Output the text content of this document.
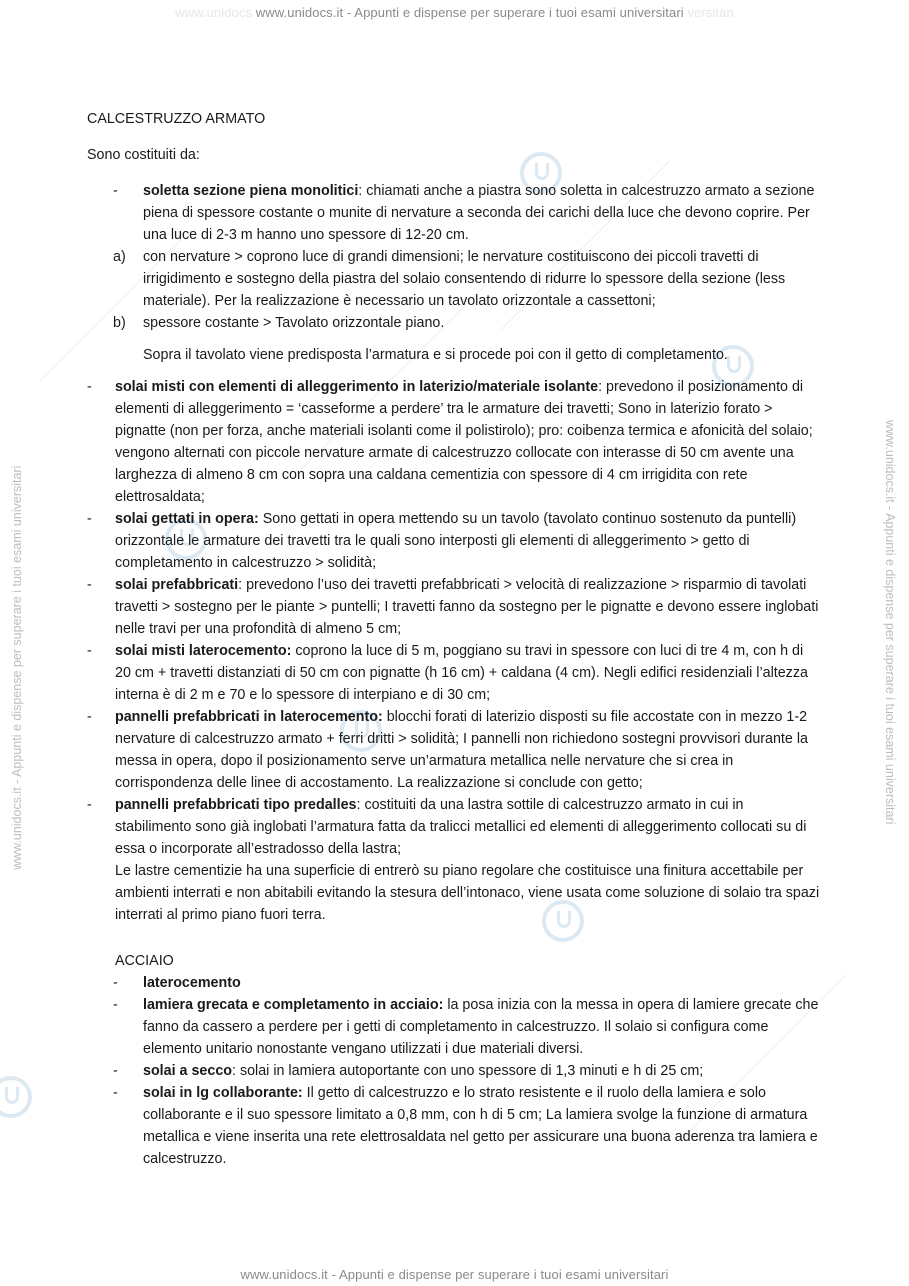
www.unidocs www.unidocs.it - Appunti e dispense per superare i tuoi esami universitari versitari
www.unidocs.it - Appunti e dispense per superare i tuoi esami universitari
www.unidocs.it - Appunti e dispense per superare i tuoi esami universitari	www.unidocs.it - Appunti e dispense per superare i tuoi esami universitari

CALCESTRUZZO ARMATO

Sono costituiti da:

- soletta sezione piena monolitici: chiamati anche a piastra sono soletta in calcestruzzo armato a sezione piena di spessore costante o munite di nervature a seconda dei carichi della luce che devono coprire. Per una luce di 2-3 m hanno uno spessore di 12-20 cm.
a) con nervature > coprono luce di grandi dimensioni; le nervature costituiscono dei piccoli travetti di irrigidimento e sostegno della piastra del solaio consentendo di ridurre lo spessore della sezione (less materiale). Per la realizzazione è necessario un tavolato orizzontale a cassettoni;
b) spessore costante > Tavolato orizzontale piano.

Sopra il tavolato viene predisposta l’armatura e si procede poi con il getto di completamento.

- solai misti con elementi di alleggerimento in laterizio/materiale isolante: prevedono il posizionamento di elementi di alleggerimento = ‘casseforme a perdere’ tra le armature dei travetti; Sono in laterizio forato > pignatte (non per forza, anche materiali isolanti come il polistirolo); pro: coibenza termica e afonicità del solaio; vengono alternati con piccole nervature armate di calcestruzzo collocate con interasse di 50 cm avente una larghezza di almeno 8 cm con sopra una caldana cementizia con spessore di 4 cm irrigidita con rete elettrosaldata;
- solai gettati in opera: Sono gettati in opera mettendo su un tavolo (tavolato continuo sostenuto da puntelli) orizzontale le armature dei travetti tra le quali sono interposti gli elementi di alleggerimento > getto di completamento in calcestruzzo > solidità;
- solai prefabbricati: prevedono l’uso dei travetti prefabbricati > velocità di realizzazione > risparmio di tavolati travetti > sostegno per le piante > puntelli; I travetti fanno da sostegno per le pignatte e devono essere inglobati nelle travi per una profondità di almeno 5 cm;
- solai misti laterocemento: coprono la luce di 5 m, poggiano su travi in spessore con luci di tre 4 m, con h di 20 cm + travetti distanziati di 50 cm con pignatte (h 16 cm) + caldana (4 cm). Negli edifici residenziali l’altezza interna è di 2 m e 70 e lo spessore di interpiano e di 30 cm;
- pannelli prefabbricati in laterocemento: blocchi forati di laterizio disposti su file accostate con in mezzo 1-2 nervature di calcestruzzo armato + ferri dritti > solidità; I pannelli non richiedono sostegni provvisori durante la messa in opera, dopo il posizionamento serve un’armatura metallica nelle nervature che si crea in corrispondenza delle linee di accostamento. La realizzazione si conclude con getto;
- pannelli prefabbricati tipo predalles: costituiti da una lastra sottile di calcestruzzo armato in cui in stabilimento sono già inglobati l’armatura fatta da tralicci metallici ed elementi di alleggerimento collocati su di essa o incorporate all’estradosso della lastra;

Le lastre cementizie ha una superficie di entrerò su piano regolare che costituisce una finitura accettabile per ambienti interrati e non abitabili evitando la stesura dell’intonaco, viene usata come soluzione di solaio tra spazi interrati al primo piano fuori terra.

ACCIAIO

- laterocemento
- lamiera grecata e completamento in acciaio: la posa inizia con la messa in opera di lamiere grecate che fanno da cassero a perdere per i getti di completamento in calcestruzzo. Il solaio si configura come elemento unitario nonostante vengano utilizzati i due materiali diversi.
- solai a secco: solai in lamiera autoportante con uno spessore di 1,3 minuti e h di 25 cm;
- solai in lg collaborante: Il getto di calcestruzzo e lo strato resistente e il ruolo della lamiera e solo collaborante e il suo spessore limitato a 0,8 mm, con h di 5 cm; La lamiera svolge la funzione di armatura metallica e viene inserita una rete elettrosaldata nel getto per assicurare una buona aderenza tra lamiera e calcestruzzo.
